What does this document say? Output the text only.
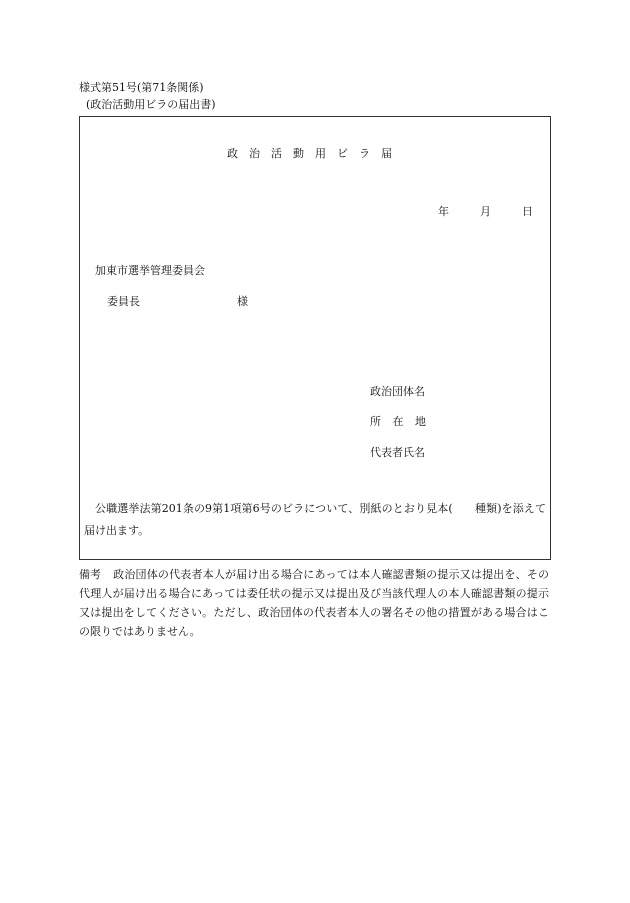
様式第51号(第71条関係)
(政治活動用ビラの届出書)
政治活動用ビラ届
年	月	日
加東市選挙管理委員会
委員長	様
政治団体名
所 在 地
代表者氏名
公職選挙法第201条の9第1項第6号のビラについて、別紙のとおり見本(　　種類)を添えて届け出ます。
備考 政治団体の代表者本人が届け出る場合にあっては本人確認書類の提示又は提出を、その代理人が届け出る場合にあっては委任状の提示又は提出及び当該代理人の本人確認書類の提示又は提出をしてください。ただし、政治団体の代表者本人の署名その他の措置がある場合はこの限りではありません。
